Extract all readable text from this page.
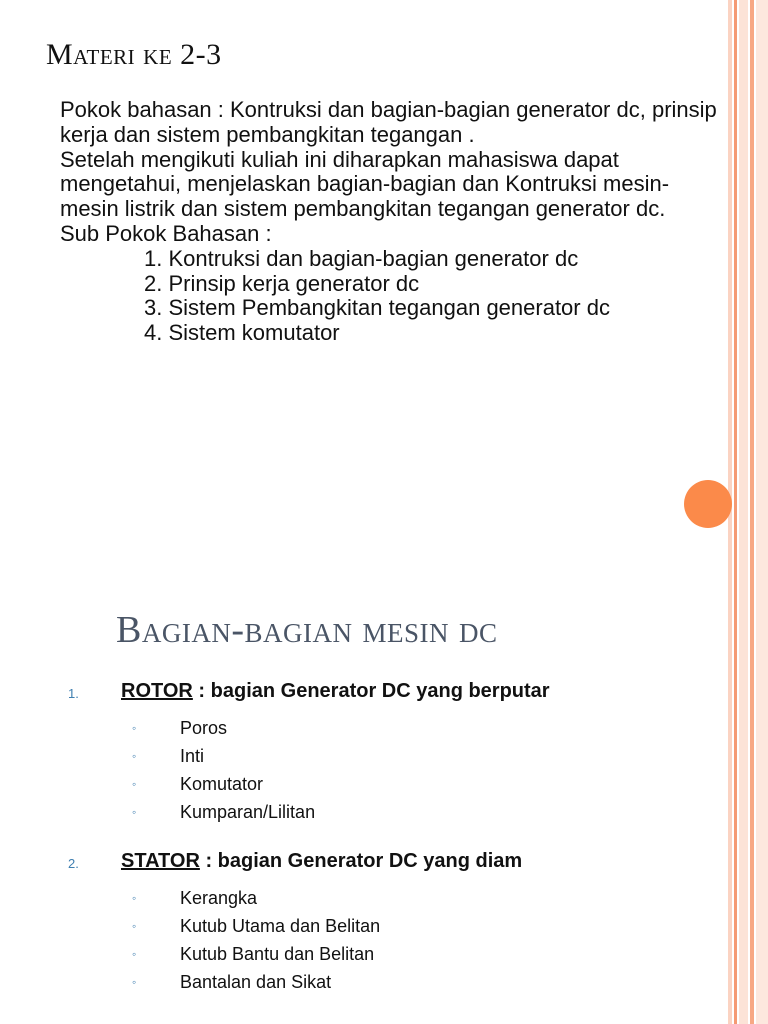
Materi ke 2-3

Pokok bahasan : Kontruksi dan bagian-bagian generator dc, prinsip kerja dan sistem pembangkitan tegangan .

Setelah mengikuti kuliah ini diharapkan mahasiswa dapat mengetahui, menjelaskan bagian-bagian dan Kontruksi mesin-mesin listrik dan sistem pembangkitan tegangan generator dc.

Sub Pokok Bahasan :

1. Kontruksi dan bagian-bagian generator dc
2. Prinsip kerja generator dc
3. Sistem Pembangkitan tegangan generator dc
4. Sistem komutator
Bagian-bagian mesin dc
1. ROTOR : bagian Generator DC yang berputar
◦ Poros
◦ Inti
◦ Komutator
◦ Kumparan/Lilitan
2. STATOR : bagian Generator DC yang diam
◦ Kerangka
◦ Kutub Utama dan Belitan
◦ Kutub Bantu dan Belitan
◦ Bantalan dan Sikat
